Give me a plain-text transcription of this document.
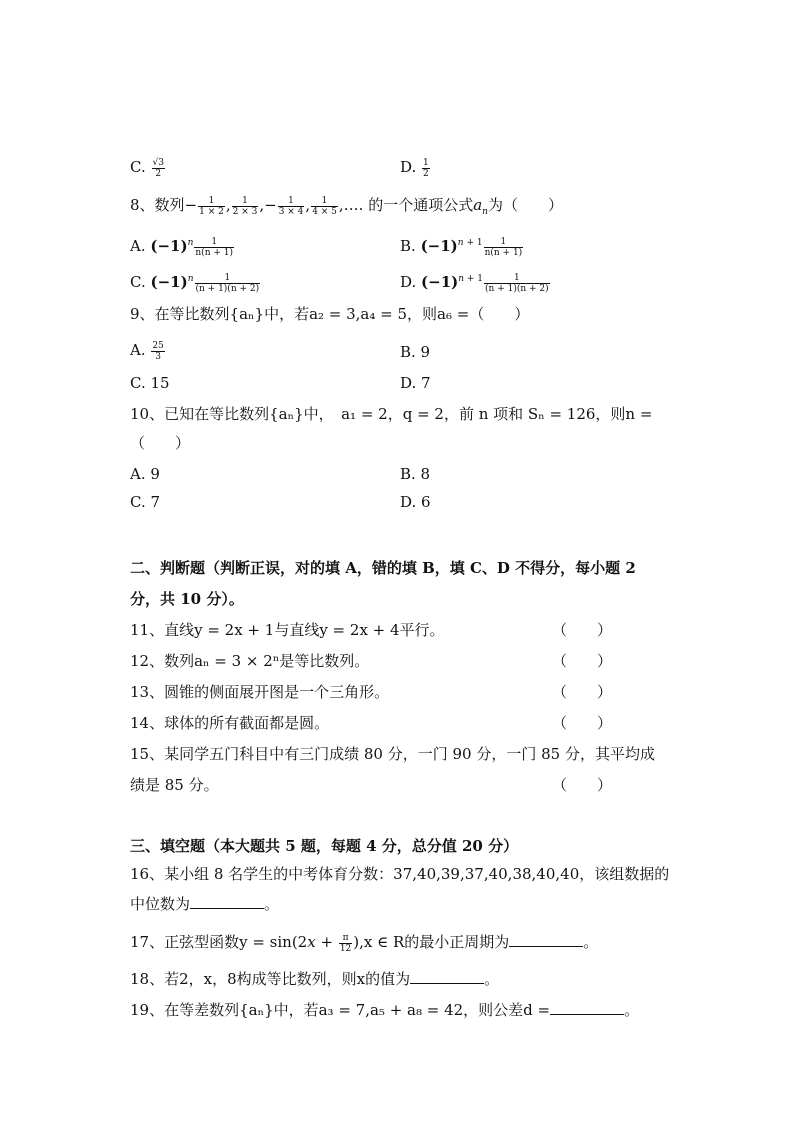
C. $\frac{√3}{2}$	D. $\frac{1}{2}$
8、数列− $\frac{1}{1 \times 2}$ , $\frac{1}{2 \times 3}$ ,− $\frac{1}{3 \times 4}$ , $\frac{1}{4 \times 5}$ ,…. 的一个通项公式$a_n$为（　　）
A. $(-1)^n \frac{1}{n(n + 1)}$	B. $(-1)^{n + 1} \frac{1}{n(n + 1)}$
C. $(-1)^n \frac{1}{(n + 1)(n + 2)}$	D. $(-1)^{n + 1} \frac{1}{(n + 1)(n + 2)}$
9、在等比数列{aₙ}中，若a₂ = 3,a₄ = 5，则a₆ =（　　）
A. $\frac{25}{3}$	B. 9
C. 15	D. 7
10、已知在等比数列{aₙ}中，　a₁ = 2，q = 2，前 n 项和 Sₙ = 126，则n =
（　　）
A. 9	B. 8
C. 7	D. 6
二、判断题（判断正误，对的填 A，错的填 B，填 C、D 不得分，每小题 2
分，共 10 分）。
11、直线y = 2x + 1与直线y = 2x + 4平行。	（　　）
12、数列aₙ = 3 × 2ⁿ是等比数列。	（　　）
13、圆锥的侧面展开图是一个三角形。	（　　）
14、球体的所有截面都是圆。	（　　）
15、某同学五门科目中有三门成绩 80 分，一门 90 分，一门 85 分，其平均成
绩是 85 分。	（　　）
三、填空题（本大题共 5 题，每题 4 分，总分值 20 分）
16、某小组 8 名学生的中考体育分数：37,40,39,37,40,38,40,40，该组数据的
中位数为	。
17、正弦型函数$y = \sin(2x + \frac{\pi}{12} ),x$ ∈ R的最小正周期为	。
18、若2，x，8构成等比数列，则x的值为	。
19、在等差数列{aₙ}中，若a₃ = 7,a₅ + a₈ = 42，则公差d =	。
